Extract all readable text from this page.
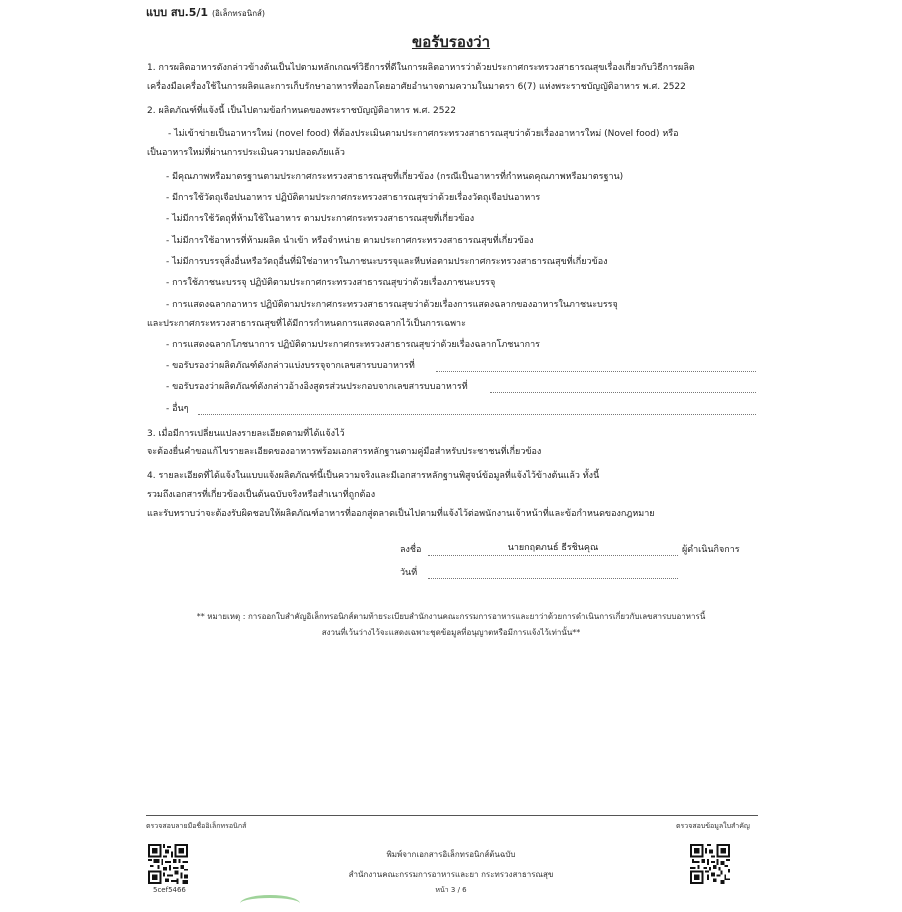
แบบ สบ.5/1 (อิเล็กทรอนิกส์)
ขอรับรองว่า
1. การผลิตอาหารดังกล่าวข้างต้นเป็นไปตามหลักเกณฑ์วิธีการที่ดีในการผลิตอาหารว่าด้วยประกาศกระทรวงสาธารณสุขเรื่องเกี่ยวกับวิธีการผลิต
เครื่องมือเครื่องใช้ในการผลิตและการเก็บรักษาอาหารที่ออกโดยอาศัยอำนาจตามความในมาตรา 6(7) แห่งพระราชบัญญัติอาหาร พ.ศ. 2522
2. ผลิตภัณฑ์ที่แจ้งนี้ เป็นไปตามข้อกำหนดของพระราชบัญญัติอาหาร พ.ศ. 2522
- ไม่เข้าข่ายเป็นอาหารใหม่ (novel food) ที่ต้องประเมินตามประกาศกระทรวงสาธารณสุขว่าด้วยเรื่องอาหารใหม่ (Novel food) หรือ
เป็นอาหารใหม่ที่ผ่านการประเมินความปลอดภัยแล้ว
- มีคุณภาพหรือมาตรฐานตามประกาศกระทรวงสาธารณสุขที่เกี่ยวข้อง (กรณีเป็นอาหารที่กำหนดคุณภาพหรือมาตรฐาน)
- มีการใช้วัตถุเจือปนอาหาร ปฏิบัติตามประกาศกระทรวงสาธารณสุขว่าด้วยเรื่องวัตถุเจือปนอาหาร
- ไม่มีการใช้วัตถุที่ห้ามใช้ในอาหาร ตามประกาศกระทรวงสาธารณสุขที่เกี่ยวข้อง
- ไม่มีการใช้อาหารที่ห้ามผลิต นำเข้า หรือจำหน่าย ตามประกาศกระทรวงสาธารณสุขที่เกี่ยวข้อง
- ไม่มีการบรรจุสิ่งอื่นหรือวัตถุอื่นที่มิใช่อาหารในภาชนะบรรจุและหีบห่อตามประกาศกระทรวงสาธารณสุขที่เกี่ยวข้อง
- การใช้ภาชนะบรรจุ ปฏิบัติตามประกาศกระทรวงสาธารณสุขว่าด้วยเรื่องภาชนะบรรจุ
- การแสดงฉลากอาหาร ปฏิบัติตามประกาศกระทรวงสาธารณสุขว่าด้วยเรื่องการแสดงฉลากของอาหารในภาชนะบรรจุ
และประกาศกระทรวงสาธารณสุขที่ได้มีการกำหนดการแสดงฉลากไว้เป็นการเฉพาะ
- การแสดงฉลากโภชนาการ ปฏิบัติตามประกาศกระทรวงสาธารณสุขว่าด้วยเรื่องฉลากโภชนาการ
- ขอรับรองว่าผลิตภัณฑ์ดังกล่าวแบ่งบรรจุจากเลขสารบบอาหารที่
- ขอรับรองว่าผลิตภัณฑ์ดังกล่าวอ้างอิงสูตรส่วนประกอบจากเลขสารบบอาหารที่
- อื่นๆ
3. เมื่อมีการเปลี่ยนแปลงรายละเอียดตามที่ได้แจ้งไว้
จะต้องยื่นคำขอแก้ไขรายละเอียดของอาหารพร้อมเอกสารหลักฐานตามคู่มือสำหรับประชาชนที่เกี่ยวข้อง
4. รายละเอียดที่ได้แจ้งในแบบแจ้งผลิตภัณฑ์นี้เป็นความจริงและมีเอกสารหลักฐานพิสูจน์ข้อมูลที่แจ้งไว้ข้างต้นแล้ว ทั้งนี้
รวมถึงเอกสารที่เกี่ยวข้องเป็นต้นฉบับจริงหรือสำเนาที่ถูกต้อง
และรับทราบว่าจะต้องรับผิดชอบให้ผลิตภัณฑ์อาหารที่ออกสู่ตลาดเป็นไปตามที่แจ้งไว้ต่อพนักงานเจ้าหน้าที่และข้อกำหนดของกฎหมาย
ลงชื่อ	นายกฤตภนธ์ ธีรชินคุณ	ผู้ดำเนินกิจการ
วันที่
** หมายเหตุ : การออกใบสำคัญอิเล็กทรอนิกส์ตามท้ายระเบียบสำนักงานคณะกรรมการอาหารและยาว่าด้วยการดำเนินการเกี่ยวกับเลขสารบบอาหารนี้
สงวนที่เว้นว่างไว้จะแสดงเฉพาะชุดข้อมูลที่อนุญาตหรือมีการแจ้งไว้เท่านั้น**
ตรวจสอบลายมือชื่ออิเล็กทรอนิกส์	ตรวจสอบข้อมูลใบสำคัญ
5cef5466
พิมพ์จากเอกสารอิเล็กทรอนิกส์ต้นฉบับ
สำนักงานคณะกรรมการอาหารและยา กระทรวงสาธารณสุข
หน้า 3 / 6
